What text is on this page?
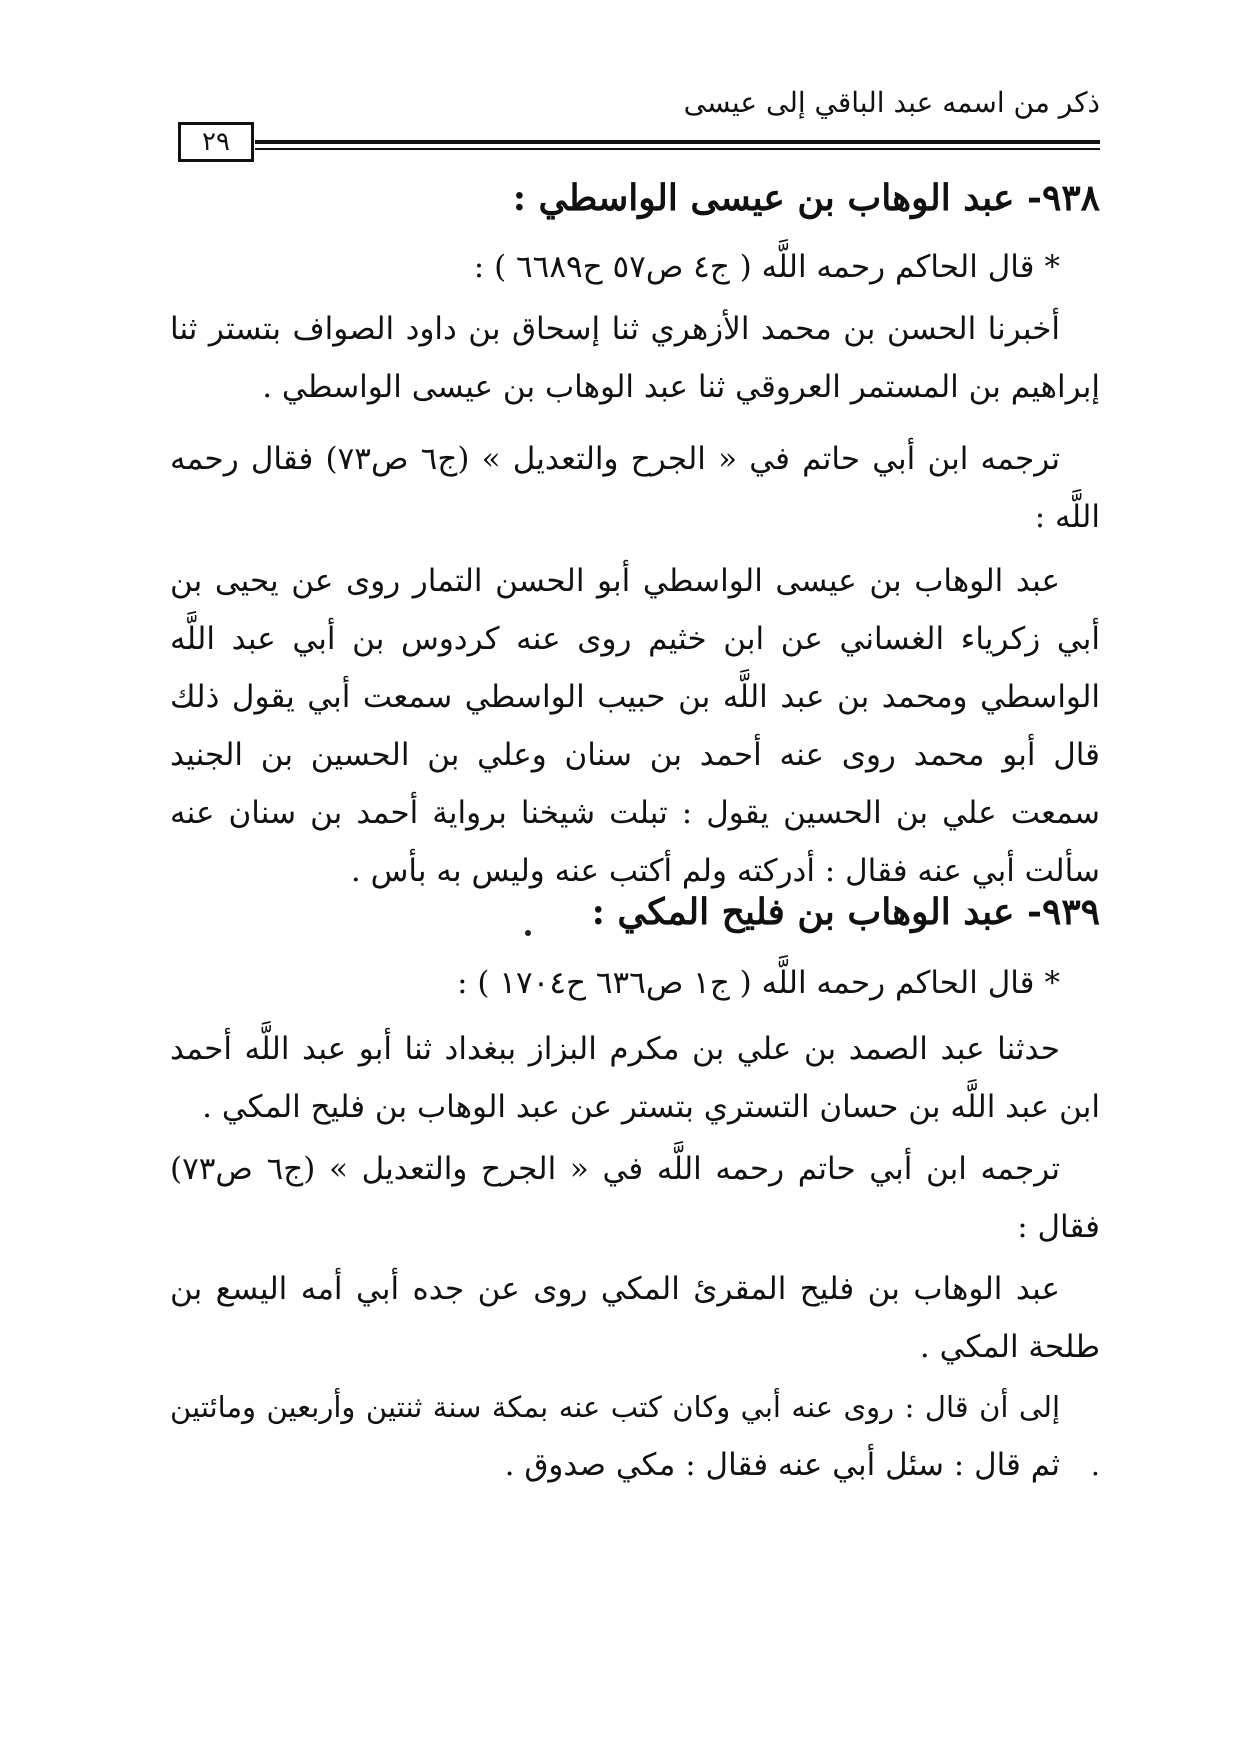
ذكر من اسمه عبد الباقي إلى عيسى
٢٩
٩٣٨- عبد الوهاب بن عيسى الواسطي :
*قال الحاكم رحمه اللَّه ( ج٤ ص٥٧ ح٦٦٨٩ ) :
أخبرنا الحسن بن محمد الأزهري ثنا إسحاق بن داود الصواف بتستر ثنا إبراهيم بن المستمر العروقي ثنا عبد الوهاب بن عيسى الواسطي .
ترجمه ابن أبي حاتم في « الجرح والتعديل » (ج٦ ص٧٣) فقال رحمه اللَّه :
عبد الوهاب بن عيسى الواسطي أبو الحسن التمار روى عن يحيى بن أبي زكرياء الغساني عن ابن خثيم روى عنه كردوس بن أبي عبد اللَّه الواسطي ومحمد بن عبد اللَّه بن حبيب الواسطي سمعت أبي يقول ذلك قال أبو محمد روى عنه أحمد بن سنان وعلي بن الحسين بن الجنيد سمعت علي بن الحسين يقول : تبلت شيخنا برواية أحمد بن سنان عنه سألت أبي عنه فقال : أدركته ولم أكتب عنه وليس به بأس .
٩٣٩- عبد الوهاب بن فليح المكي :
*قال الحاكم رحمه اللَّه ( ج١ ص٦٣٦ ح١٧٠٤ ) :
حدثنا عبد الصمد بن علي بن مكرم البزاز ببغداد ثنا أبو عبد اللَّه أحمد ابن عبد اللَّه بن حسان التستري بتستر عن عبد الوهاب بن فليح المكي .
ترجمه ابن أبي حاتم رحمه اللَّه في « الجرح والتعديل » (ج٦ ص٧٣) فقال :
عبد الوهاب بن فليح المقرئ المكي روى عن جده أبي أمه اليسع بن طلحة المكي .
إلى أن قال : روى عنه أبي وكان كتب عنه بمكة سنة ثنتين وأربعين ومائتين .
ثم قال : سئل أبي عنه فقال : مكي صدوق .
